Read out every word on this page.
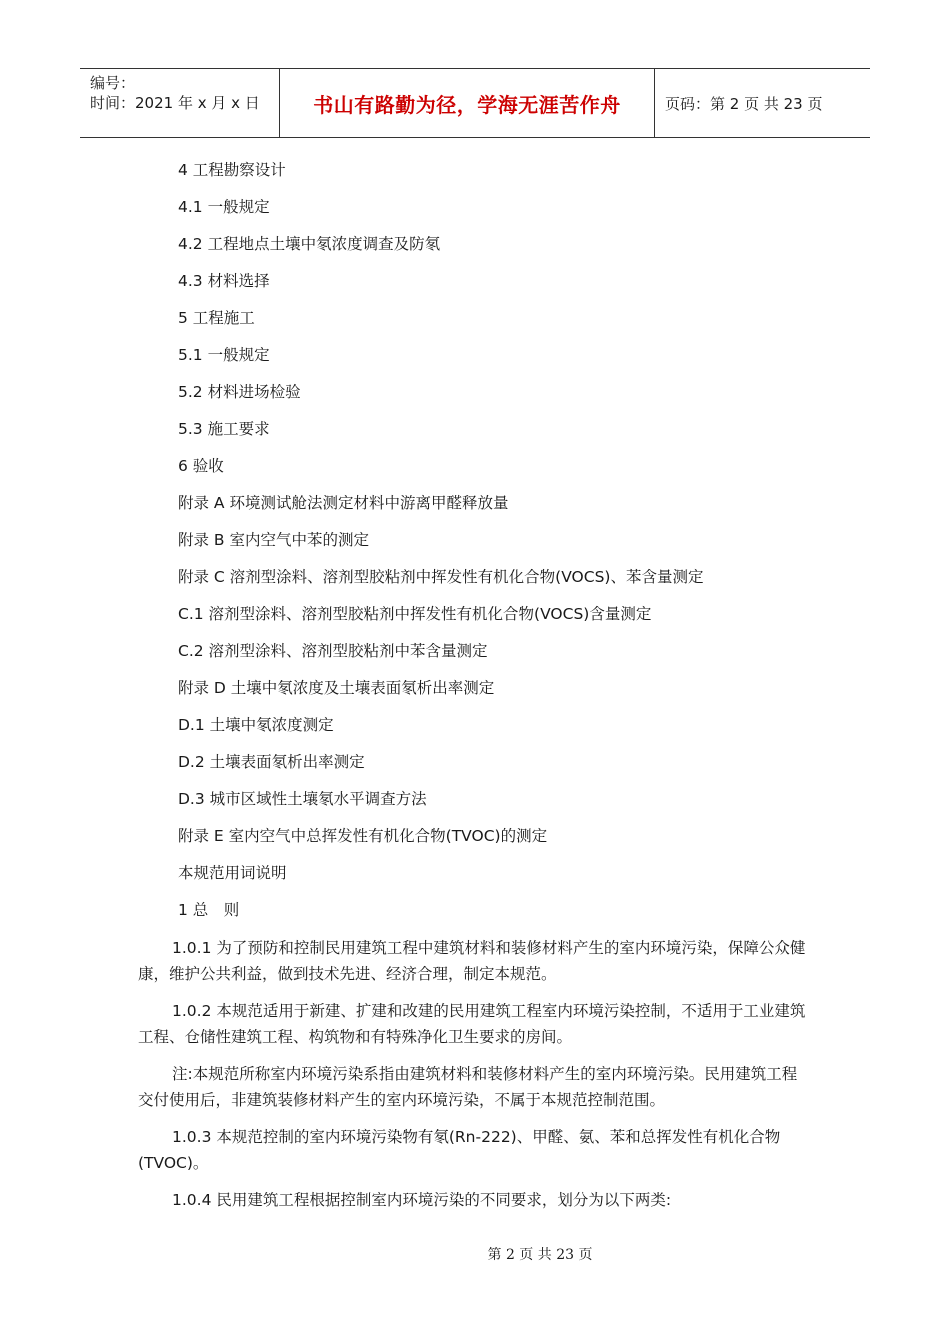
编号：
时间：2021 年 x 月 x 日	书山有路勤为径，学海无涯苦作舟	页码：第 2 页 共 23 页
4 工程勘察设计
4.1 一般规定
4.2 工程地点土壤中氡浓度调查及防氡
4.3 材料选择
5 工程施工
5.1 一般规定
5.2 材料进场检验
5.3 施工要求
6 验收
附录 A 环境测试舱法测定材料中游离甲醛释放量
附录 B 室内空气中苯的测定
附录 C 溶剂型涂料、溶剂型胶粘剂中挥发性有机化合物(VOCS)、苯含量测定
C.1 溶剂型涂料、溶剂型胶粘剂中挥发性有机化合物(VOCS)含量测定
C.2 溶剂型涂料、溶剂型胶粘剂中苯含量测定
附录 D 土壤中氡浓度及土壤表面氡析出率测定
D.1 土壤中氡浓度测定
D.2 土壤表面氡析出率测定
D.3 城市区域性土壤氡水平调查方法
附录 E 室内空气中总挥发性有机化合物(TVOC)的测定
本规范用词说明
1 总　则

1.0.1 为了预防和控制民用建筑工程中建筑材料和装修材料产生的室内环境污染，保障公众健康，维护公共利益，做到技术先进、经济合理，制定本规范。

1.0.2 本规范适用于新建、扩建和改建的民用建筑工程室内环境污染控制，不适用于工业建筑工程、仓储性建筑工程、构筑物和有特殊净化卫生要求的房间。

注:本规范所称室内环境污染系指由建筑材料和装修材料产生的室内环境污染。民用建筑工程交付使用后，非建筑装修材料产生的室内环境污染，不属于本规范控制范围。

1.0.3 本规范控制的室内环境污染物有氡(Rn-222)、甲醛、氨、苯和总挥发性有机化合物(TVOC)。

1.0.4 民用建筑工程根据控制室内环境污染的不同要求，划分为以下两类:

第 2 页 共 23 页
